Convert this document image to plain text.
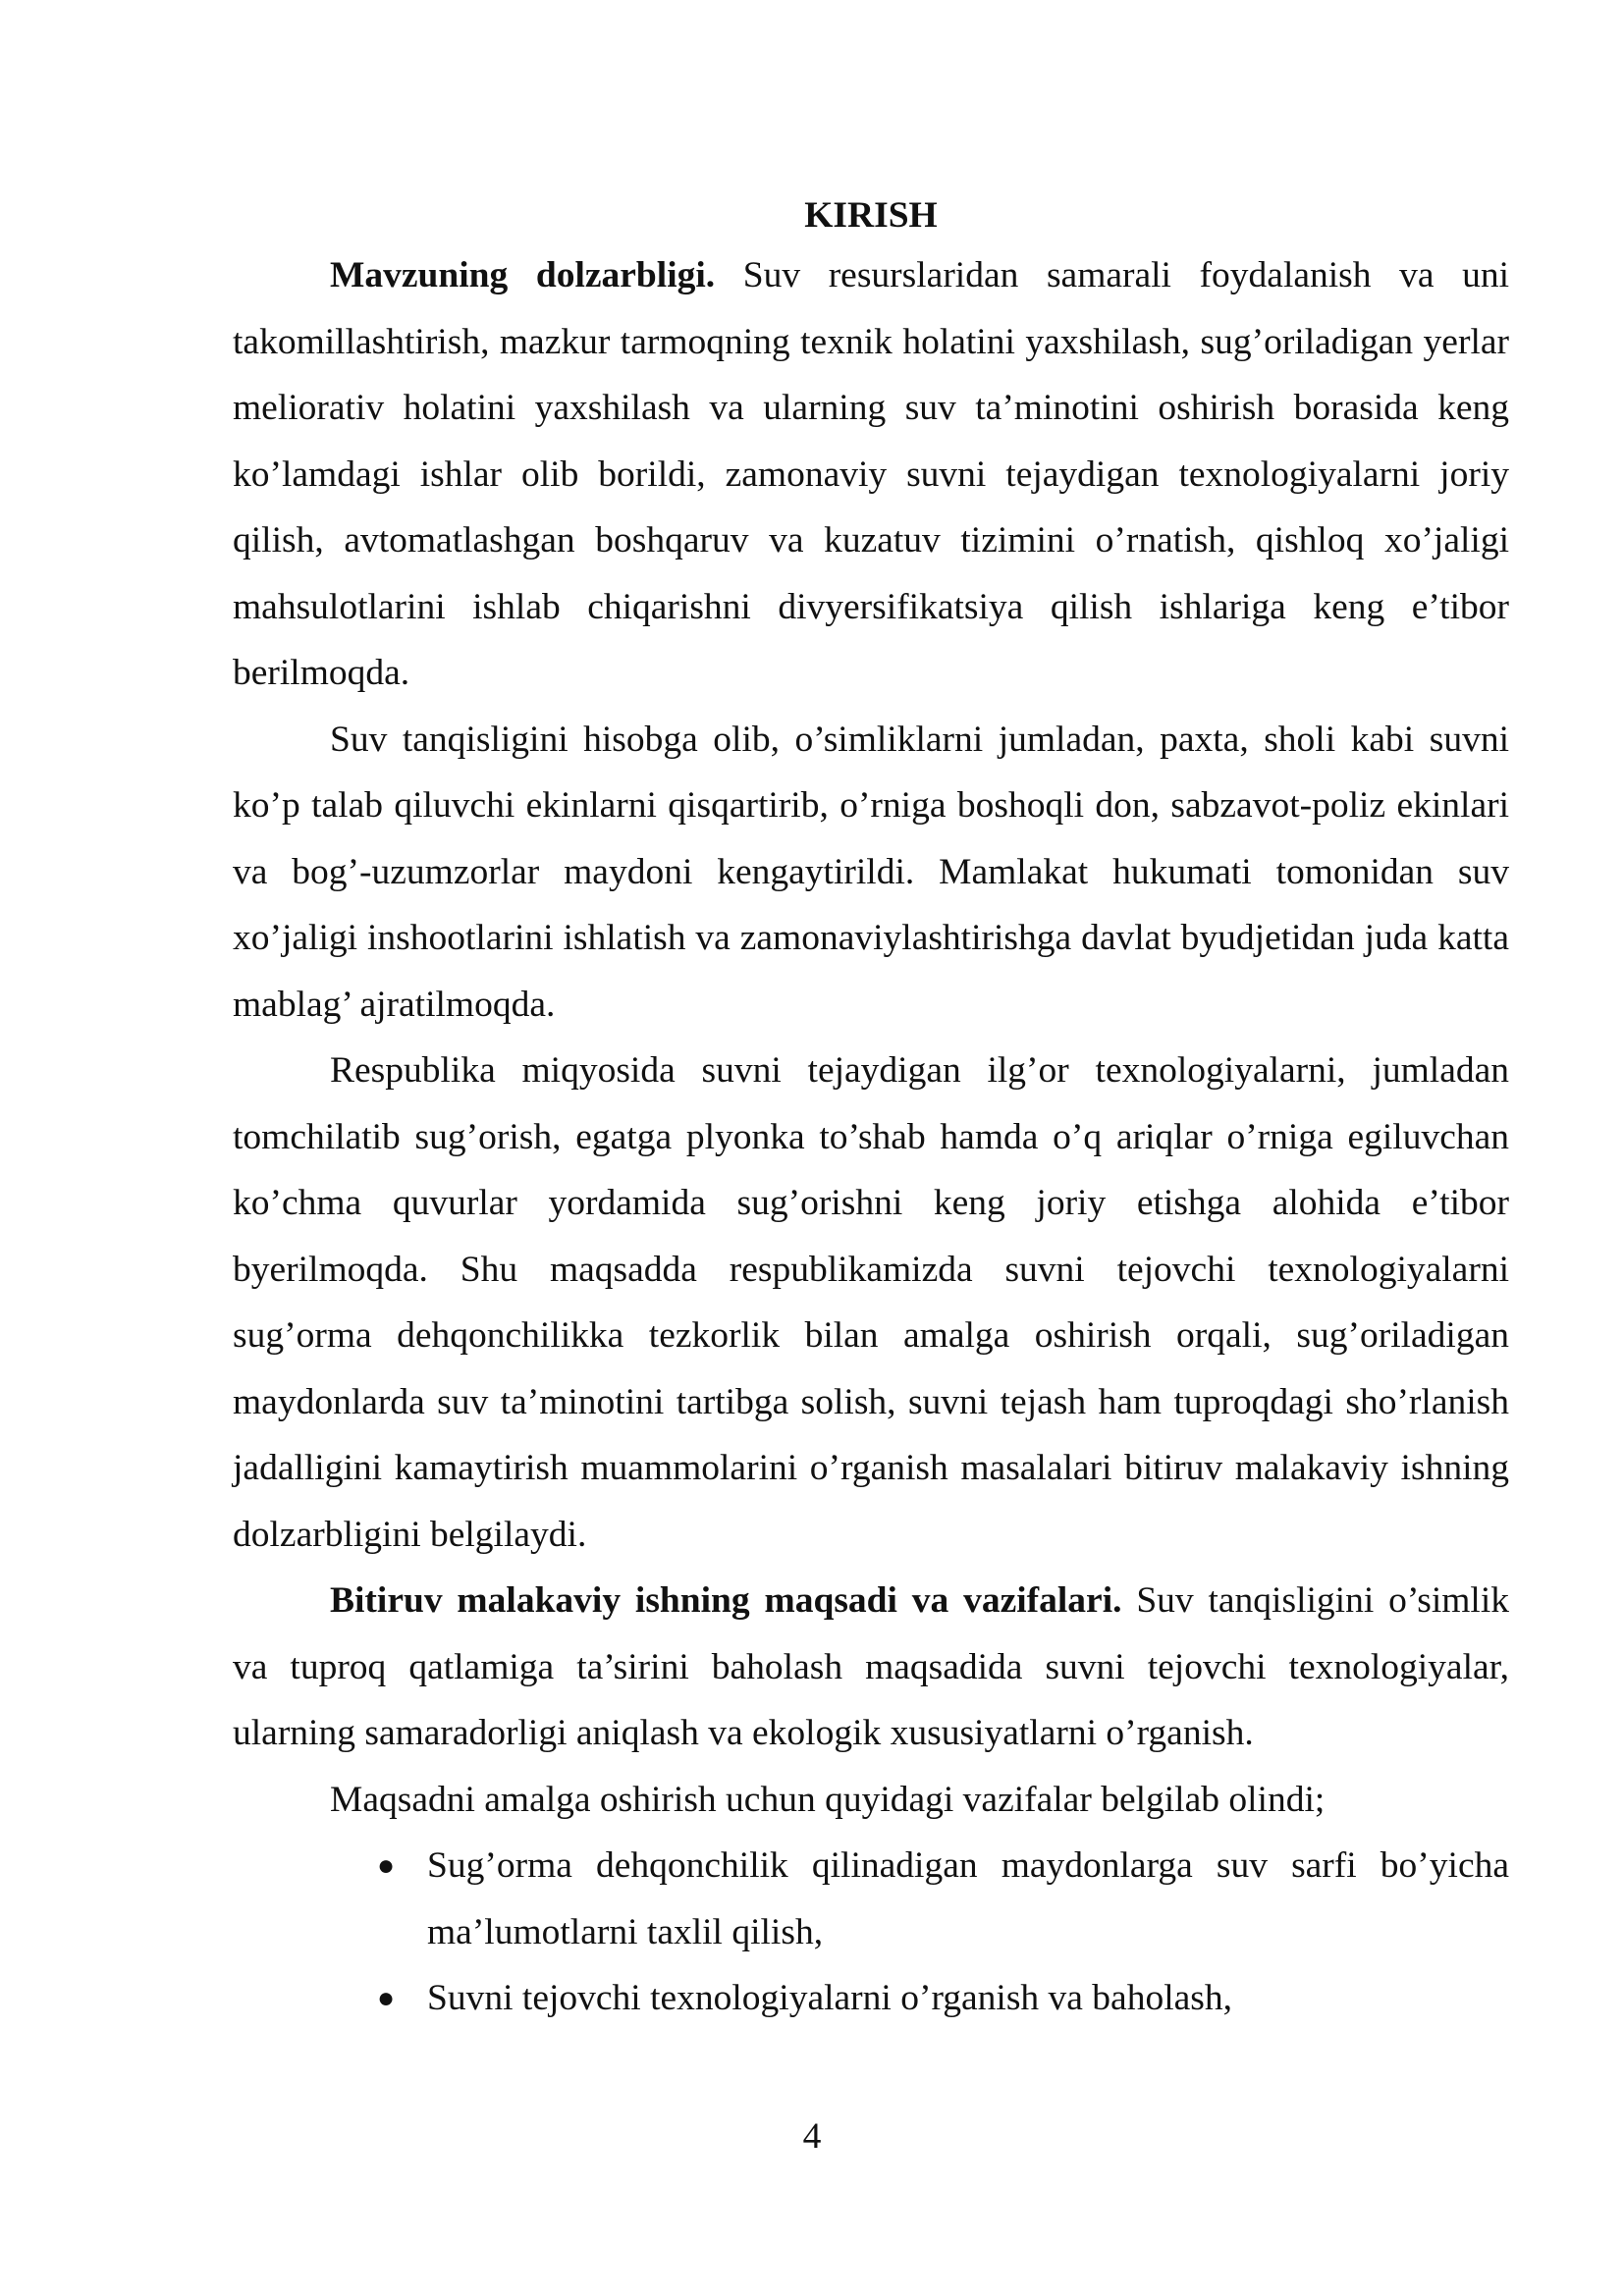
KIRISH

Mavzuning dolzarbligi. Suv resurslaridan samarali foydalanish va uni takomillashtirish, mazkur tarmoqning texnik holatini yaxshilash, sug’oriladigan yerlar meliorativ holatini yaxshilash va ularning suv ta’minotini oshirish borasida keng ko’lamdagi ishlar olib borildi, zamonaviy suvni tejaydigan texnologiyalarni joriy qilish, avtomatlashgan boshqaruv va kuzatuv tizimini o’rnatish, qishloq xo’jaligi mahsulotlarini ishlab chiqarishni divyersifikatsiya qilish ishlariga keng e’tibor berilmoqda.

Suv tanqisligini hisobga olib, o’simliklarni jumladan, paxta, sholi kabi suvni ko’p talab qiluvchi ekinlarni qisqartirib, o’rniga boshoqli don, sabzavot-poliz ekinlari va bog’-uzumzorlar maydoni kengaytirildi. Mamlakat hukumati tomonidan suv xo’jaligi inshootlarini ishlatish va zamonaviylashtirishga davlat byudjetidan juda katta mablag’ ajratilmoqda.

Respublika miqyosida suvni tejaydigan ilg’or texnologiyalarni, jumladan tomchilatib sug’orish, egatga plyonka to’shab hamda o’q ariqlar o’rniga egiluvchan ko’chma quvurlar yordamida sug’orishni keng joriy etishga alohida e’tibor byerilmoqda. Shu maqsadda respublikamizda suvni tejovchi texnologiyalarni sug’orma dehqonchilikka tezkorlik bilan amalga oshirish orqali, sug’oriladigan maydonlarda suv ta’minotini tartibga solish, suvni tejash ham tuproqdagi sho’rlanish jadalligini kamaytirish muammolarini o’rganish masalalari bitiruv malakaviy ishning dolzarbligini belgilaydi.

Bitiruv malakaviy ishning maqsadi va vazifalari. Suv tanqisligini o’simlik va tuproq qatlamiga ta’sirini baholash maqsadida suvni tejovchi texnologiyalar, ularning samaradorligi aniqlash va ekologik xususiyatlarni o’rganish.

Maqsadni amalga oshirish uchun quyidagi vazifalar belgilab olindi;

● Sug’orma dehqonchilik qilinadigan maydonlarga suv sarfi bo’yicha ma’lumotlarni taxlil qilish,
● Suvni tejovchi texnologiyalarni o’rganish va baholash,
4
